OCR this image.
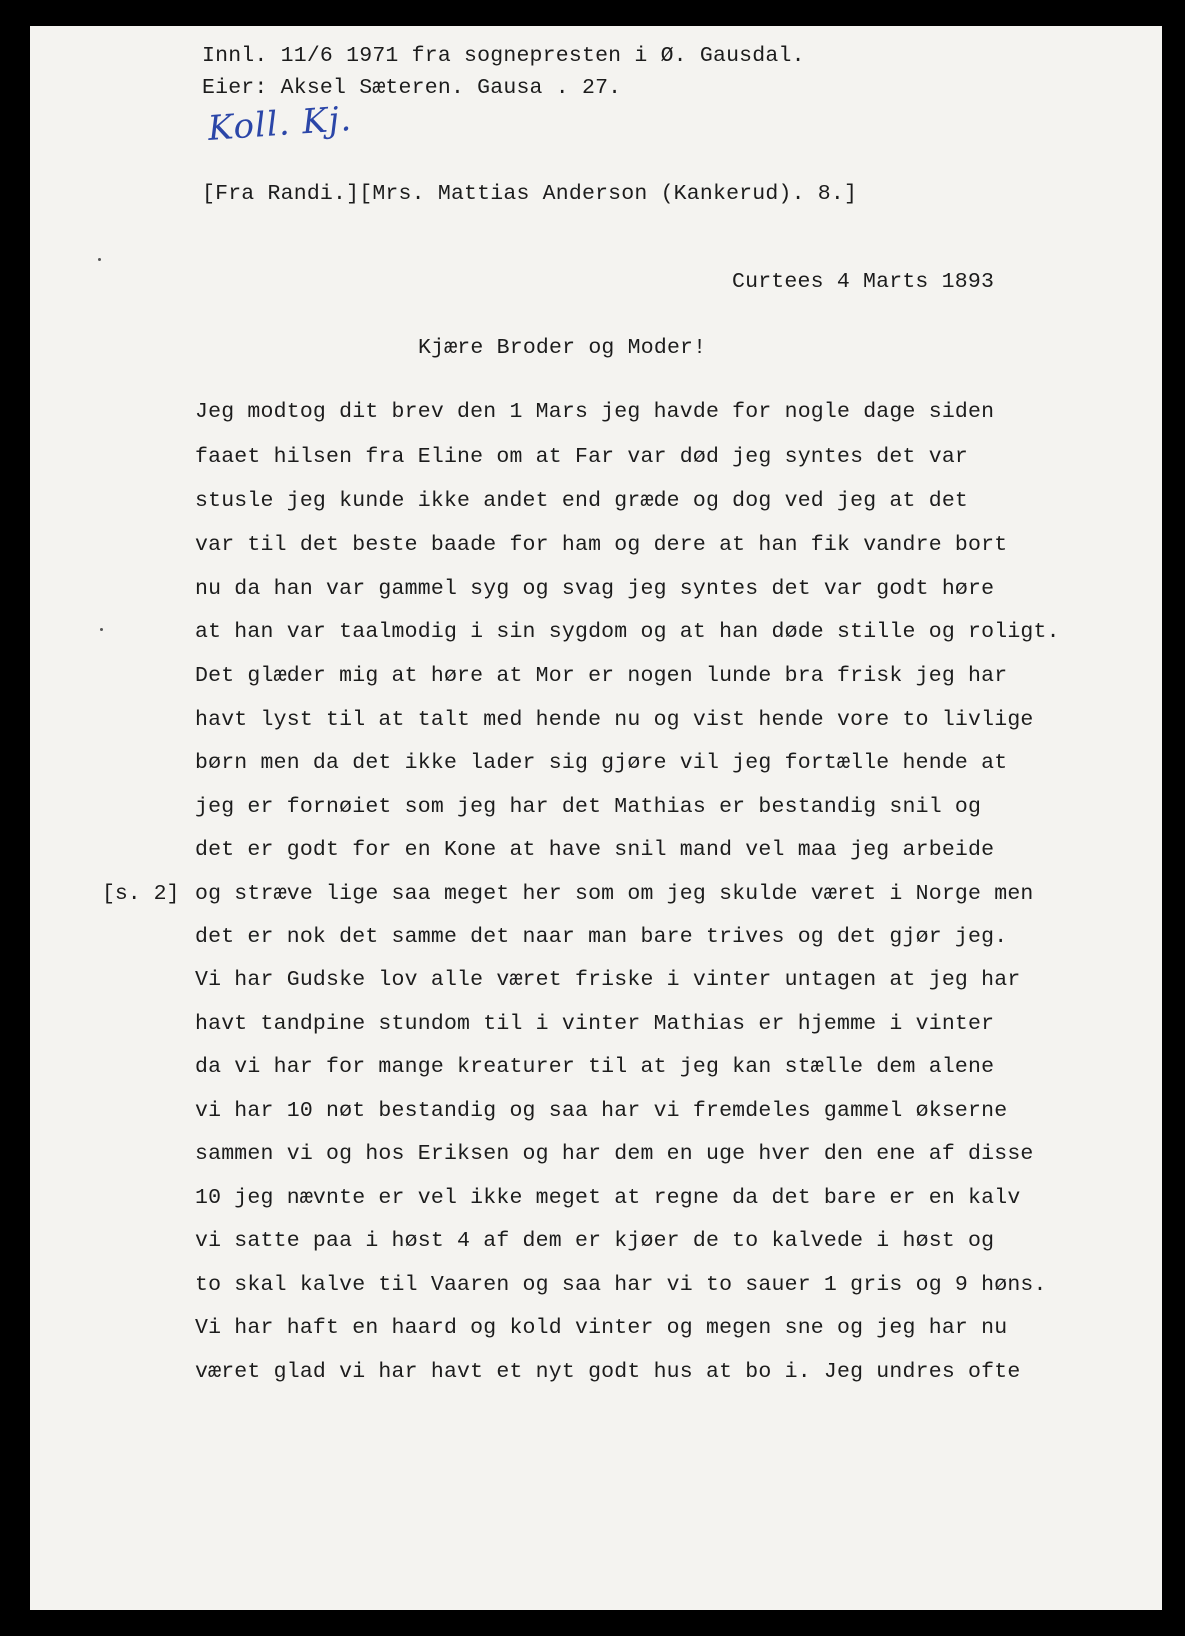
Innl. 11/6 1971 fra sognepresten i Ø. Gausdal.
Eier: Aksel Sæteren. Gausa . 27.
Koll. Kj.
[Fra Randi.][Mrs. Mattias Anderson (Kankerud). 8.]
Curtees 4 Marts 1893
Kjære Broder og Moder!
[s. 2]
Jeg modtog dit brev den 1 Mars jeg havde for nogle dage siden
faaet hilsen fra Eline om at Far var død jeg syntes det var
stusle jeg kunde ikke andet end græde og dog ved jeg at det
var til det beste baade for ham og dere at han fik vandre bort
nu da han var gammel syg og svag jeg syntes det var godt høre
at han var taalmodig i sin sygdom og at han døde stille og roligt.
Det glæder mig at høre at Mor er nogen lunde bra frisk jeg har
havt lyst til at talt med hende nu og vist hende vore to livlige
børn men da det ikke lader sig gjøre vil jeg fortælle hende at
jeg er fornøiet som jeg har det Mathias er bestandig snil og
det er godt for en Kone at have snil mand vel maa jeg arbeide
og stræve lige saa meget her som om jeg skulde været i Norge men
det er nok det samme det naar man bare trives og det gjør jeg.
Vi har Gudske lov alle været friske i vinter untagen at jeg har
havt tandpine stundom til i vinter Mathias er hjemme i vinter
da vi har for mange kreaturer til at jeg kan stælle dem alene
vi har 10 nøt bestandig og saa har vi fremdeles gammel økserne
sammen vi og hos Eriksen og har dem en uge hver den ene af disse
10 jeg nævnte er vel ikke meget at regne da det bare er en kalv
vi satte paa i høst 4 af dem er kjøer de to kalvede i høst og
to skal kalve til Vaaren og saa har vi to sauer 1 gris og 9 høns.
Vi har haft en haard og kold vinter og megen sne og jeg har nu
været glad vi har havt et nyt godt hus at bo i. Jeg undres ofte
